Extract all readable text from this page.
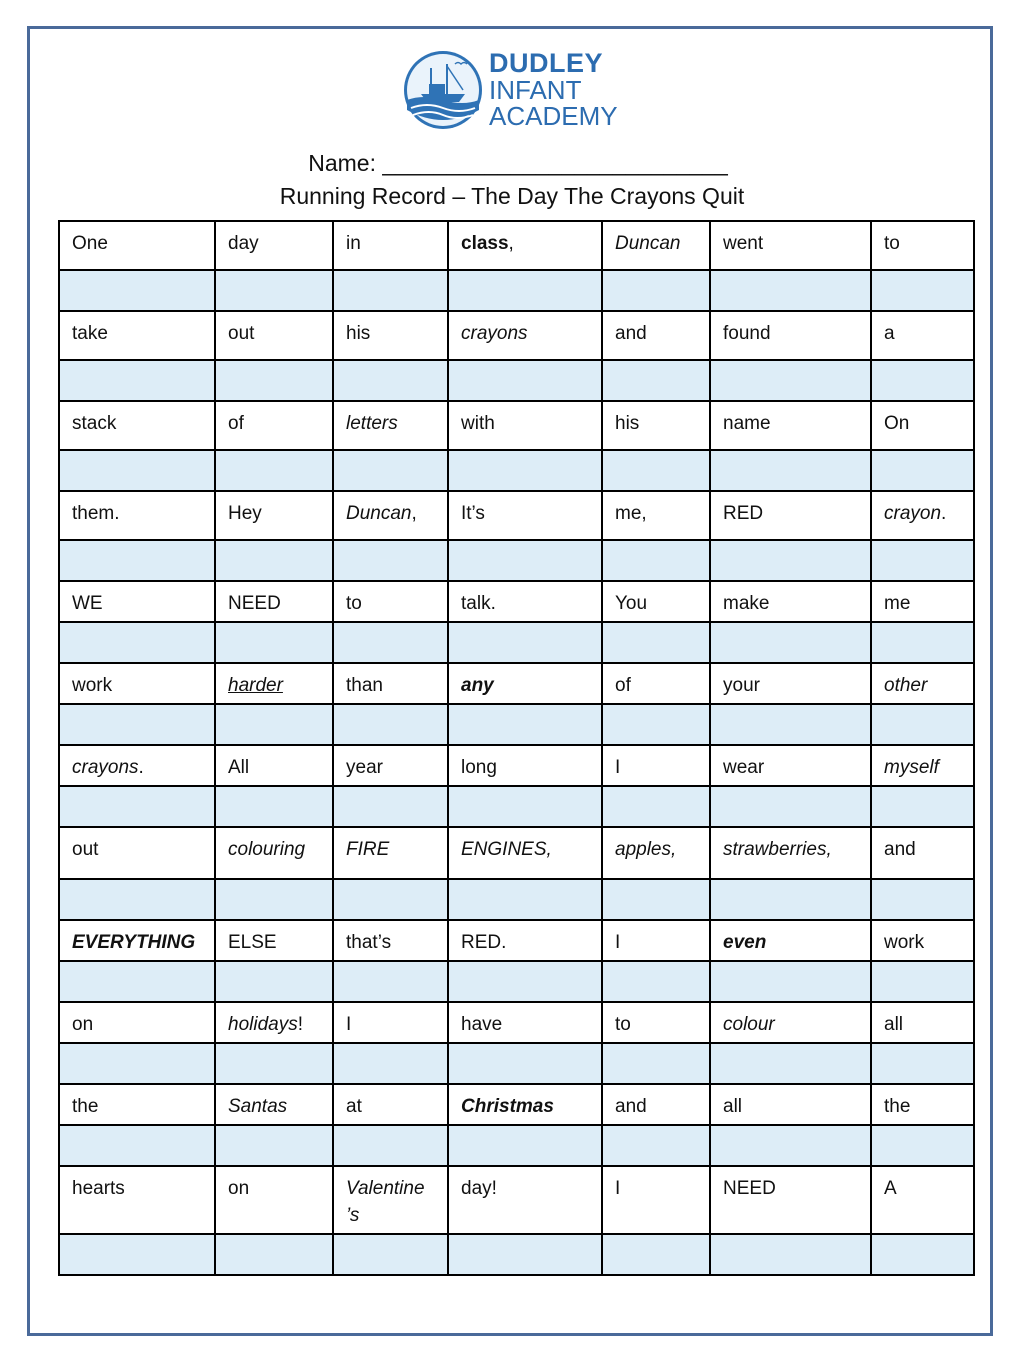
DUDLEY
INFANT
ACADEMY
Name: ___________________________
Running Record – The Day The Crayons Quit
One	day	in	class,	Duncan	went	to

take	out	his	crayons	and	found	a

stack	of	letters	with	his	name	On

them.	Hey	Duncan,	It’s	me,	RED	crayon.

WE	NEED	to	talk.	You	make	me

work	harder	than	any	of	your	other

crayons.	All	year	long	I	wear	myself

out	colouring	FIRE	ENGINES,	apples,	strawberries,	and

EVERYTHING	ELSE	that’s	RED.	I	even	work

on	holidays!	I	have	to	colour	all

the	Santas	at	Christmas	and	all	the

hearts	on	Valentine ’s	day!	I	NEED	A
